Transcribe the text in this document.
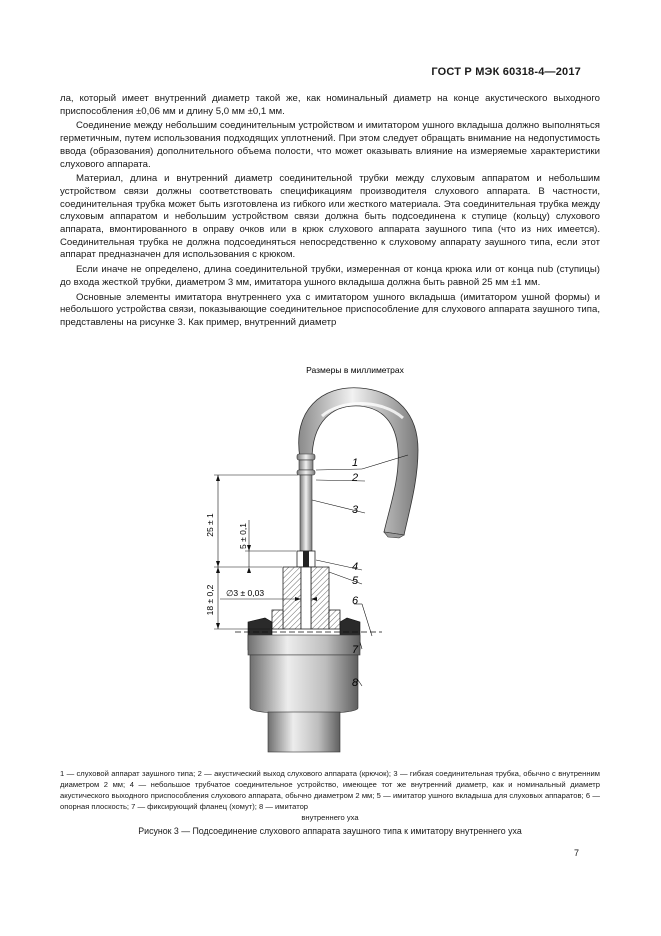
ГОСТ Р МЭК 60318-4—2017

ла, который имеет внутренний диаметр такой же, как номинальный диаметр на конце акустического выходного приспособления ±0,06 мм и длину 5,0 мм ±0,1 мм.

Соединение между небольшим соединительным устройством и имитатором ушного вкладыша должно выполняться герметичным, путем использования подходящих уплотнений. При этом следует обращать внимание на недопустимость ввода (образования) дополнительного объема полости, что может оказывать влияние на измеряемые характеристики слухового аппарата.

Материал, длина и внутренний диаметр соединительной трубки между слуховым аппаратом и небольшим устройством связи должны соответствовать спецификациям производителя слухового аппарата. В частности, соединительная трубка может быть изготовлена из гибкого или жесткого материала. Эта соединительная трубка между слуховым аппаратом и небольшим устройством связи должна быть подсоединена к ступице (кольцу) слухового аппарата, вмонтированного в оправу очков или в крюк слухового аппарата заушного типа (что из них имеется). Соединительная трубка не должна подсоединяться непосредственно к слуховому аппарату заушного типа, если этот аппарат предназначен для использования с крюком.

Если иначе не определено, длина соединительной трубки, измеренная от конца крюка или от конца nub (ступицы) до входа жесткой трубки, диаметром 3 мм, имитатора ушного вкладыша должна быть равной 25 мм ±1 мм.

Основные элементы имитатора внутреннего уха с имитатором ушного вкладыша (имитатором ушной формы) и небольшого устройства связи, показывающие соединительное приспособление для слухового аппарата заушного типа, представлены на рисунке 3. Как пример, внутренний диаметр

Размеры в миллиметрах
25 ± 1	5 ± 0,1
18 ± 0,2 ∅3 ± 0,03
1
2
3
4
5
6
7
8
1 — слуховой аппарат заушного типа; 2 — акустический выход слухового аппарата (крючок); 3 — гибкая соединительная трубка, обычно с внутренним диаметром 2 мм; 4 — небольшое трубчатое соединительное устройство, имеющее тот же внутренний диаметр, как и номинальный диаметр акустического выходного приспособления слухового аппарата, обычно диаметром 2 мм; 5 — имитатор ушного вкладыша для слуховых аппаратов; 6 — опорная плоскость; 7 — фиксирующий фланец (хомут); 8 — имитатор
внутреннего уха
Рисунок 3 — Подсоединение слухового аппарата заушного типа к имитатору внутреннего уха
7
